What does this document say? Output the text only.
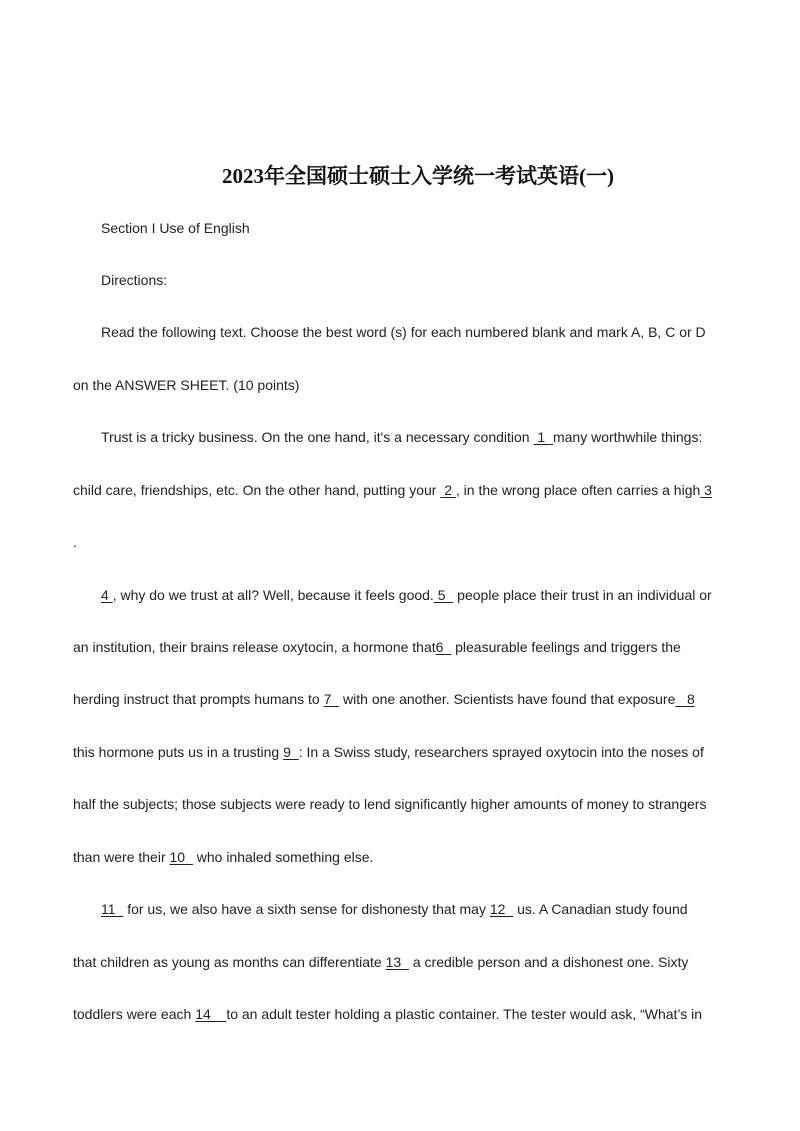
2023年全国硕士硕士入学统一考试英语(一)
Section I Use of English
Directions:
Read the following text. Choose the best word (s) for each numbered blank and mark A, B, C or D
on the ANSWER SHEET. (10 points)
Trust is a tricky business. On the one hand, it's a necessary condition  1  many worthwhile things:
child care, friendships, etc. On the other hand, putting your  2 , in the wrong place often carries a high 3
.
4 , why do we trust at all? Well, because it feels good. 5   people place their trust in an individual or
an institution, their brains release oxytocin, a hormone that6   pleasurable feelings and triggers the
herding instruct that prompts humans to 7   with one another. Scientists have found that exposure   8
this hormone puts us in a trusting 9  : In a Swiss study, researchers sprayed oxytocin into the noses of
half the subjects; those subjects were ready to lend significantly higher amounts of money to strangers
than were their 10   who inhaled something else.
11   for us, we also have a sixth sense for dishonesty that may 12   us. A Canadian study found
that children as young as months can differentiate 13   a credible person and a dishonest one. Sixty
toddlers were each 14    to an adult tester holding a plastic container. The tester would ask, “What’s in
